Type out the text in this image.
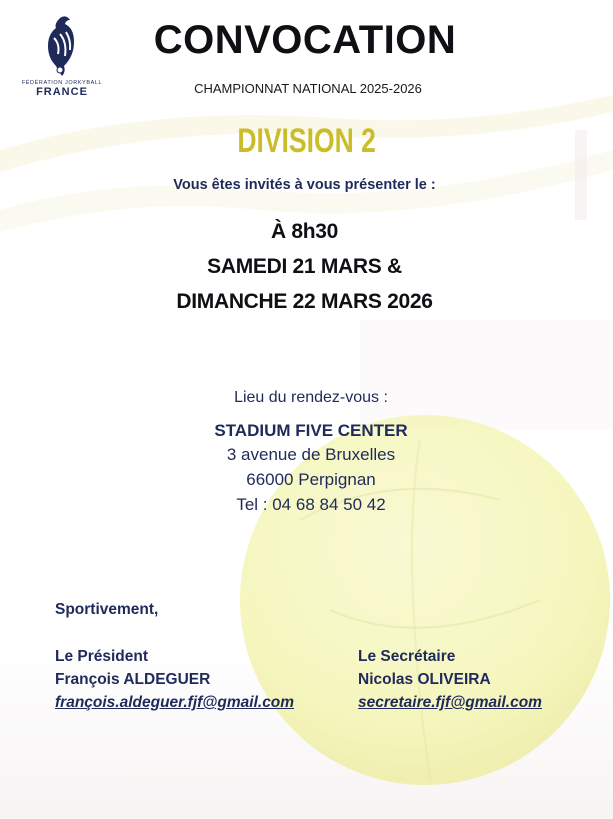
FÉDÉRATION JORKYBALL
FRANCE
CONVOCATION
CHAMPIONNAT NATIONAL 2025-2026
DIVISION 2
Vous êtes invités à vous présenter le :
À 8h30
SAMEDI 21 MARS &
DIMANCHE 22 MARS 2026
Lieu du rendez-vous :
STADIUM FIVE CENTER
3 avenue de Bruxelles
66000 Perpignan
Tel : 04 68 84 50 42
Sportivement,
Le Président
François ALDEGUER
françois.aldeguer.fjf@gmail.com
Le Secrétaire
Nicolas OLIVEIRA
secretaire.fjf@gmail.com
